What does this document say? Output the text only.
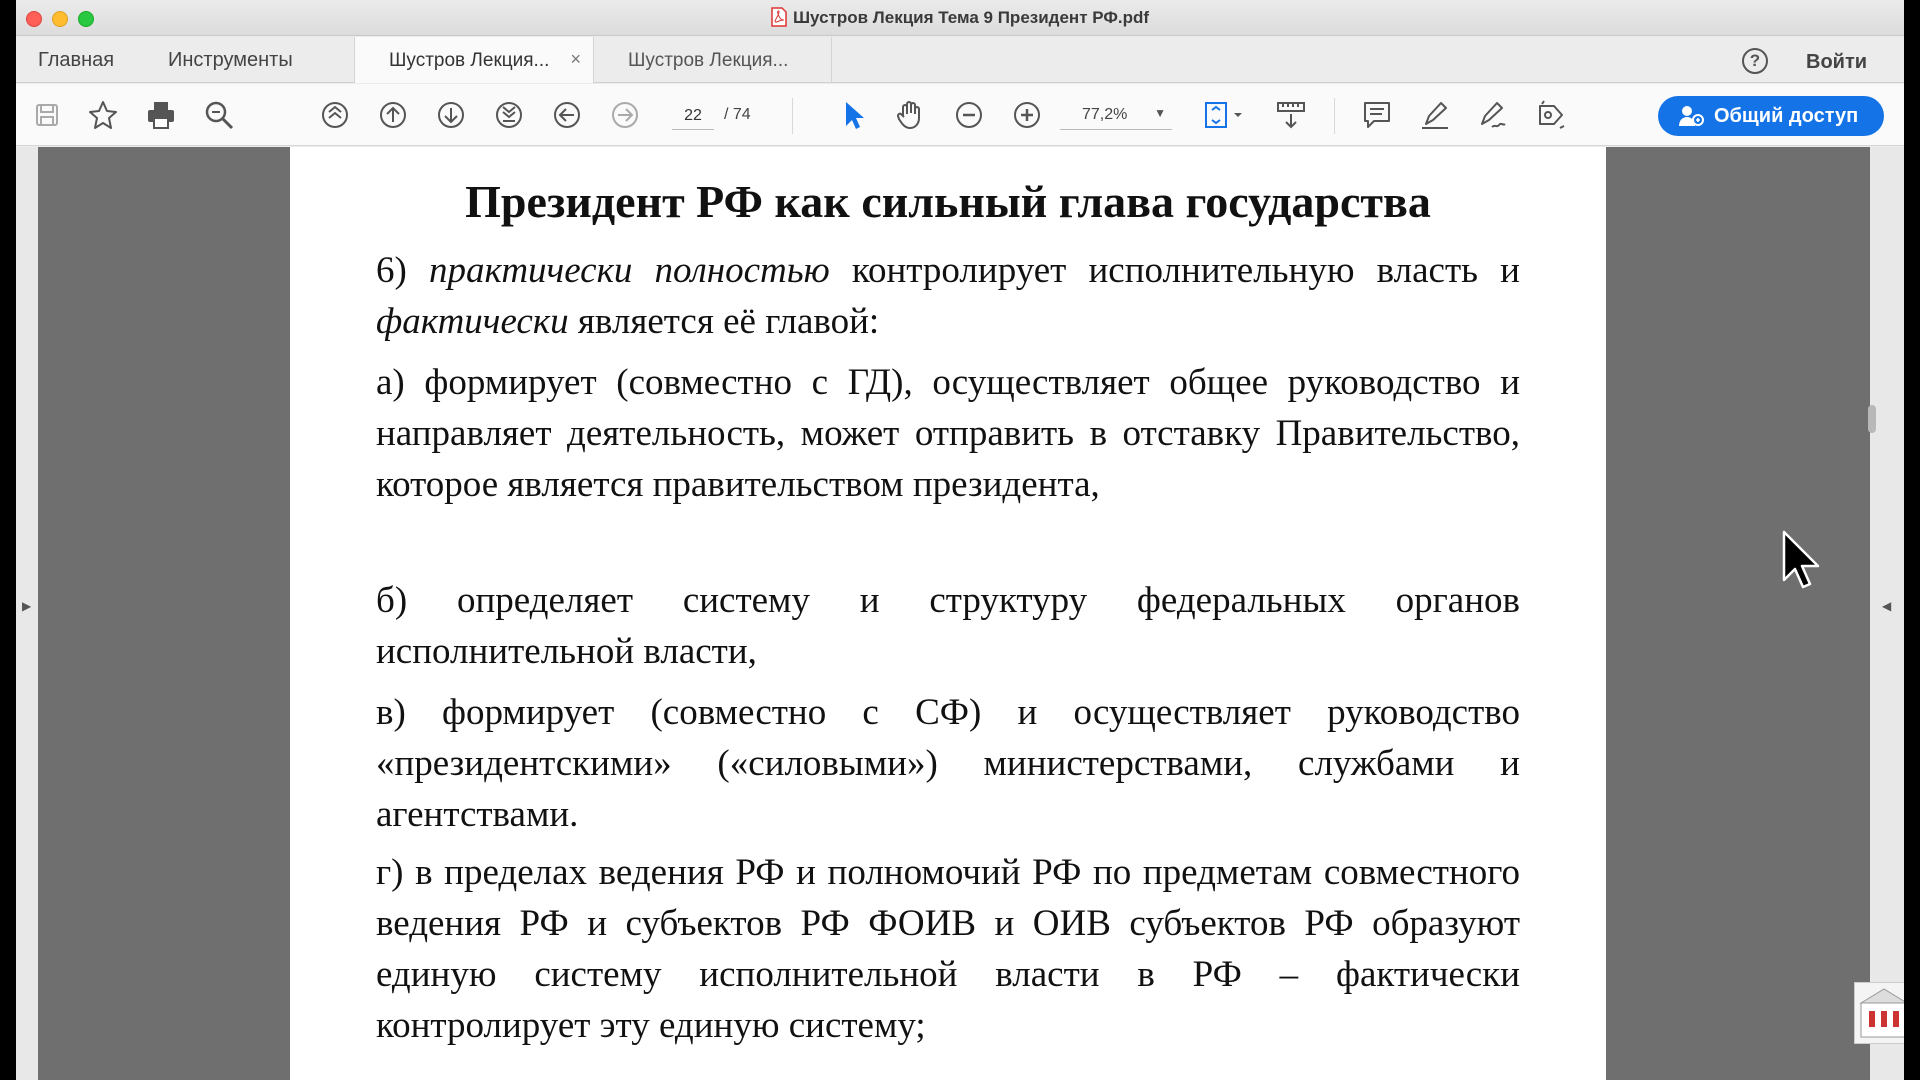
Шустров Лекция Тема 9 Президент РФ.pdf
Главная	Инструменты	Шустров Лекция... ×	Шустров Лекция...	?	Войти
22
/ 74	77,2% ▼	Общий доступ
▶
Президент РФ как сильный глава государства

6) практически полностью контролирует исполнительную власть и фактически является её главой:

а) формирует (совместно с ГД), осуществляет общее руководство и направляет деятельность, может отправить в отставку Правительство, которое является правительством президента,

б) определяет систему и структуру федеральных органов исполнительной власти,

в) формирует (совместно с СФ) и осуществляет руководство «президентскими» («силовыми») министерствами, службами и агентствами.

г) в пределах ведения РФ и полномочий РФ по предметам совместного ведения РФ и субъектов РФ ФОИВ и ОИВ субъектов РФ образуют единую систему исполнительной власти в РФ – фактически контролирует эту единую систему;

◀
